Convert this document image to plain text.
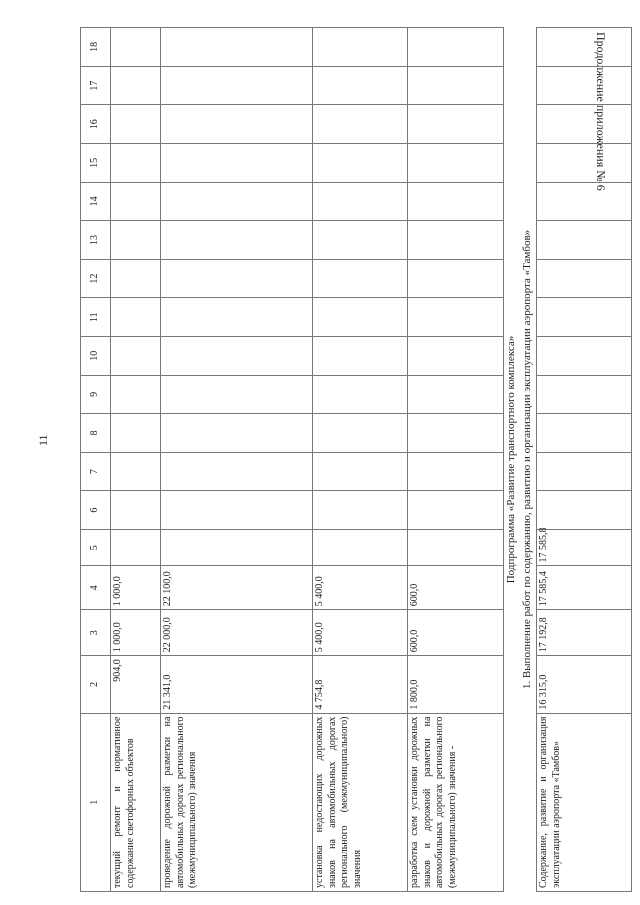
11
Продолжение приложения № 6
1	2	3	4	5	6	7	8	9	10	11	12	13	14	15	16	17	18
текущий ремонт и нормативное содержание светофорных объектов	904,0	1 000,0	1 000,0														
проведение дорожной разметки на автомобильных дорогах регионального (межмуниципального) значения	21 341,0	22 000,0	22 100,0														
установка недостающих дорожных знаков на автомобильных дорогах регионального (межмуниципального) значения	4 754,8	5 400,0	5 400,0														
разработка схем установки дорожных знаков и дорожной разметки на автомобильных дорогах регионального (межмуниципального) значения -	1 800,0	600,0	600,0														
Подпрограмма «Развитие транспортного комплекса»																	
1. Выполнение работ по содержанию, развитию и организации эксплуатации аэропорта «Тамбов»																	
Содержание, развитие и организация эксплуатации аэропорта «Тамбов»	16 315,0	17 192,8	17 585,4	17 585,8													
